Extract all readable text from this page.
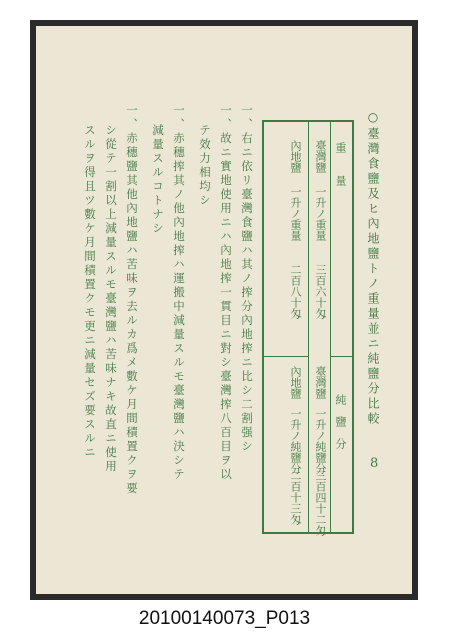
8
○臺灣食鹽及ヒ內地鹽トノ重量並ニ純鹽分比較
重　　量
純　鹽　分
臺灣鹽
一升ノ重量
三百六十匁
臺灣鹽
一升ノ純鹽分
三百四十二匁
內地鹽
一升ノ重量
二百八十匁
內地鹽
一升ノ純鹽分
二百十三匁
一、右ニ依リ臺灣食鹽ハ其ノ搾分內地搾ニ比シ二割强シ
一、故ニ實地使用ニハ內地搾一貫目ニ對シ臺灣搾八百目ヲ以
テ效力相均シ
一、赤穗搾其ノ他內地搾ハ運搬中減量スルモ臺灣鹽ハ決シテ
減量スルコトナシ
一、赤穗鹽其他內地鹽ハ苦味ヲ去ルカ爲メ數ケ月間積置クヲ要
シ從テ一割以上減量スルモ臺灣鹽ハ苦味ナキ故直ニ使用
スルヲ得且ツ數ケ月間積置クモ更ニ減量セズ要スルニ
20100140073_P013
